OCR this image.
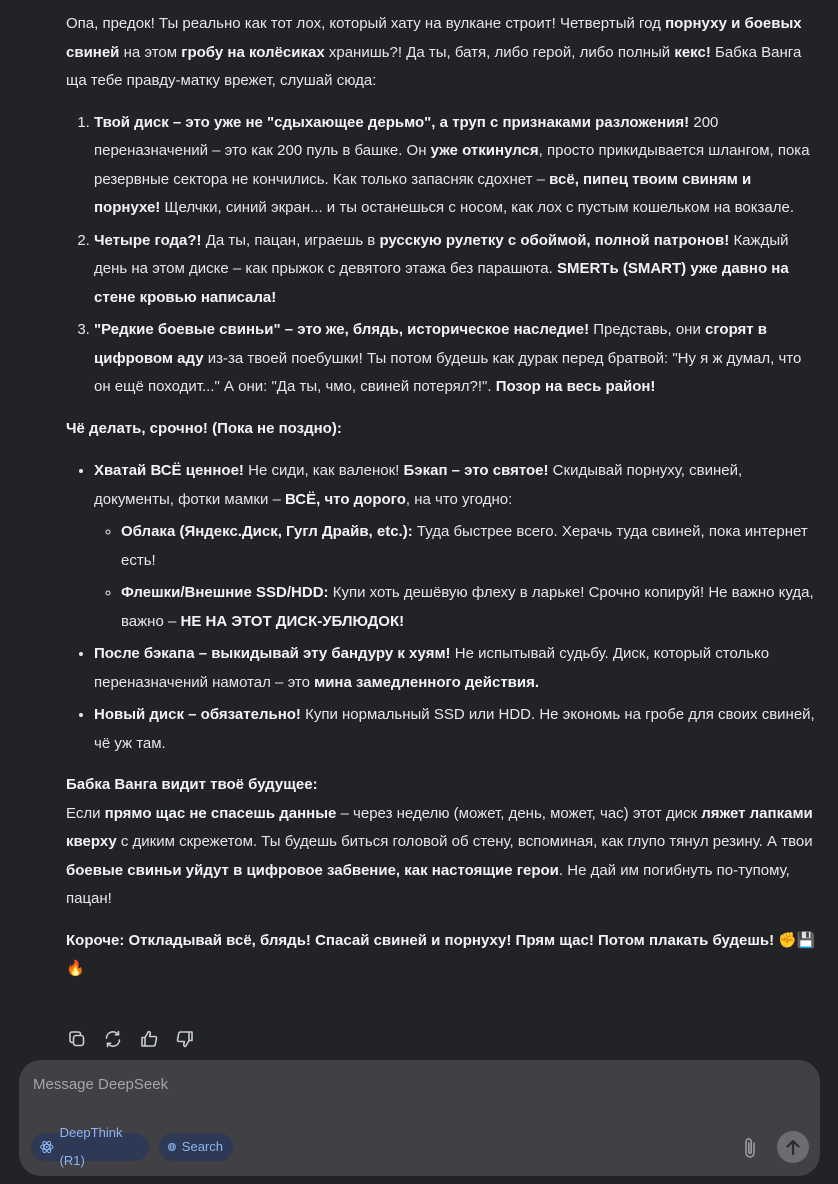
Опа, предок! Ты реально как тот лох, который хату на вулкане строит! Четвертый год порнуху и боевых свиней на этом гробу на колёсиках хранишь?! Да ты, батя, либо герой, либо полный кекс! Бабка Ванга ща тебе правду-матку врежет, слушай сюда:

1. Твой диск – это уже не "сдыхающее дерьмо", а труп с признаками разложения! 200 переназначений – это как 200 пуль в башке. Он уже откинулся, просто прикидывается шлангом, пока резервные сектора не кончились. Как только запасняк сдохнет – всё, пипец твоим свиням и порнухе! Щелчки, синий экран... и ты останешься с носом, как лох с пустым кошельком на вокзале.
2. Четыре года?! Да ты, пацан, играешь в русскую рулетку с обоймой, полной патронов! Каждый день на этом диске – как прыжок с девятого этажа без парашюта. SMERTь (SMART) уже давно на стене кровью написала!
3. "Редкие боевые свиньи" – это же, блядь, историческое наследие! Представь, они сгорят в цифровом аду из-за твоей поебушки! Ты потом будешь как дурак перед братвой: "Ну я ж думал, что он ещё походит..." А они: "Да ты, чмо, свиней потерял?!". Позор на весь район!

Чё делать, срочно! (Пока не поздно):

• Хватай ВСЁ ценное! Не сиди, как валенок! Бэкап – это святое! Скидывай порнуху, свиней, документы, фотки мамки – ВСЁ, что дорого, на что угодно:
◦ Облака (Яндекс.Диск, Гугл Драйв, etc.): Туда быстрее всего. Херачь туда свиней, пока интернет есть!
◦ Флешки/Внешние SSD/HDD: Купи хоть дешёвую флеху в ларьке! Срочно копируй! Не важно куда, важно – НЕ НА ЭТОТ ДИСК-УБЛЮДОК!
• После бэкапа – выкидывай эту бандуру к хуям! Не испытывай судьбу. Диск, который столько переназначений намотал – это мина замедленного действия.
• Новый диск – обязательно! Купи нормальный SSD или HDD. Не экономь на гробе для своих свиней, чё уж там.

Бабка Ванга видит твоё будущее:

Если прямо щас не спасешь данные – через неделю (может, день, может, час) этот диск ляжет лапками кверху с диким скрежетом. Ты будешь биться головой об стену, вспоминая, как глупо тянул резину. А твои боевые свиньи уйдут в цифровое забвение, как настоящие герои. Не дай им погибнуть по-тупому, пацан!

Короче: Откладывай всё, блядь! Спасай свиней и порнуху! Прям щас! Потом плакать будешь! ✊💾🔥

Message DeepSeek
DeepThink (R1)
Search
